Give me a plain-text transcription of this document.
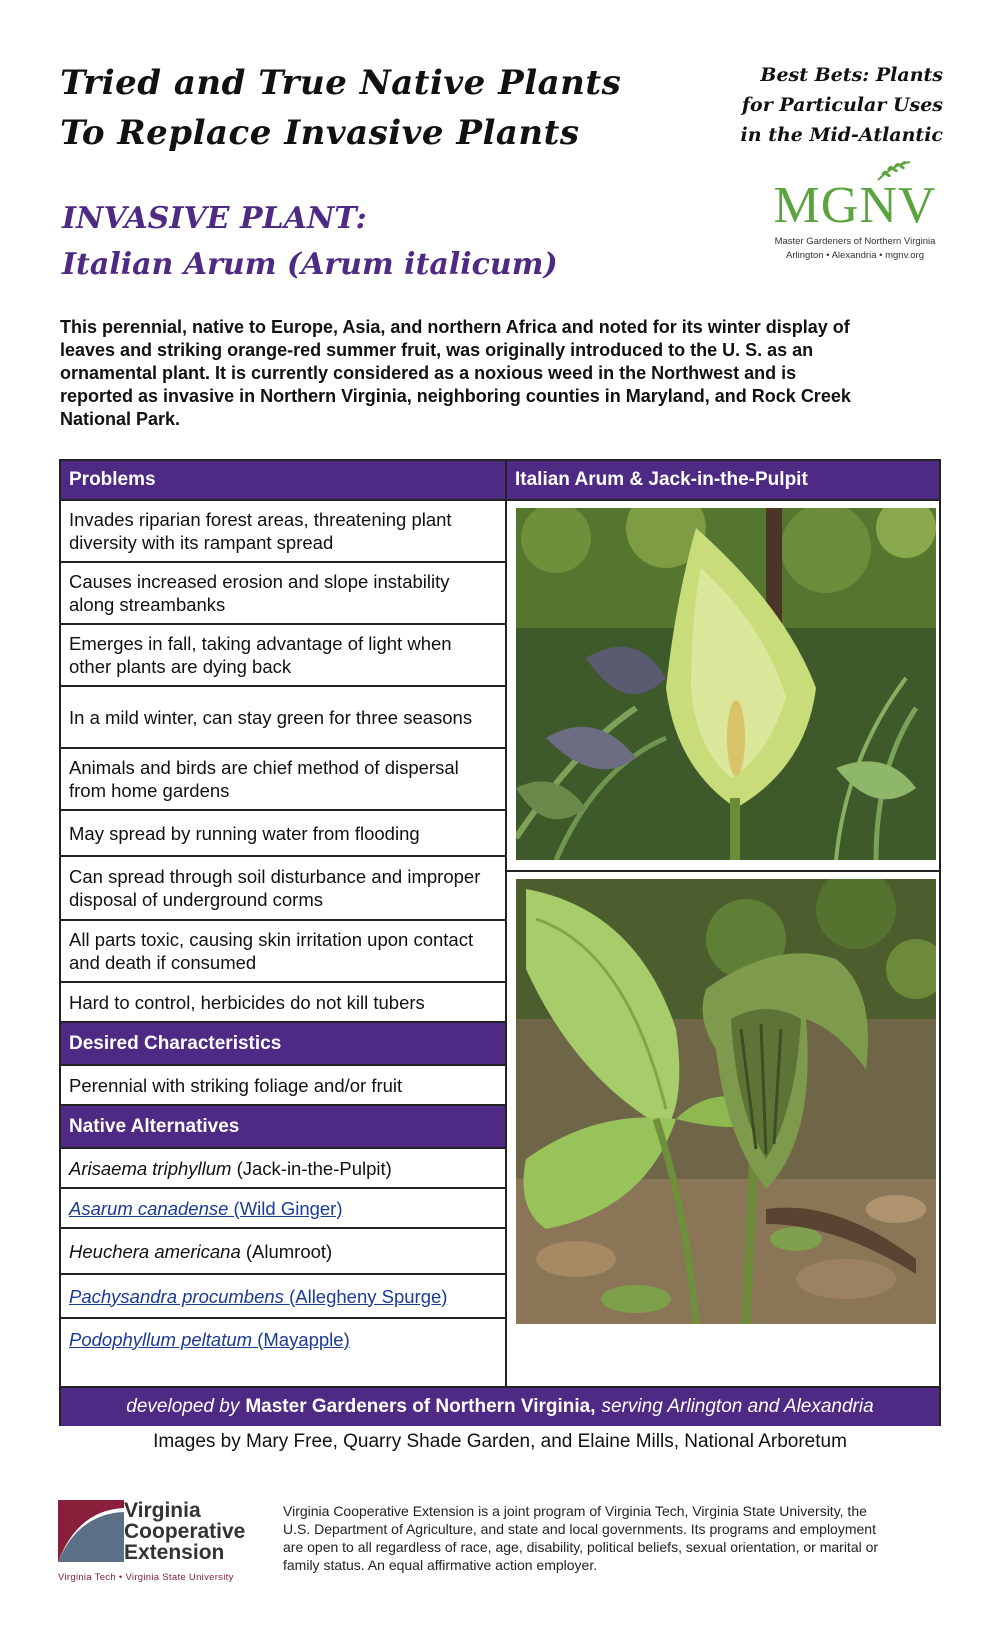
Tried and True Native Plants
To Replace Invasive Plants
Best Bets: Plants
for Particular Uses
in the Mid-Atlantic
MGNV
Master Gardeners of Northern Virginia
Arlington • Alexandria • mgnv.org
INVASIVE PLANT:
Italian Arum (Arum italicum)
This perennial, native to Europe, Asia, and northern Africa and noted for its winter display of leaves and striking orange-red summer fruit, was originally introduced to the U. S. as an ornamental plant. It is currently considered as a noxious weed in the Northwest and is reported as invasive in Northern Virginia, neighboring counties in Maryland, and Rock Creek National Park.
Problems
Invades riparian forest areas, threatening plant diversity with its rampant spread
Causes increased erosion and slope instability along streambanks
Emerges in fall, taking advantage of light when other plants are dying back
In a mild winter, can stay green for three seasons
Animals and birds are chief method of dispersal from home gardens
May spread by running water from flooding
Can spread through soil disturbance and improper disposal of underground corms
All parts toxic, causing skin irritation upon contact and death if consumed
Hard to control, herbicides do not kill tubers
Desired Characteristics
Perennial with striking foliage and/or fruit
Native Alternatives
Arisaema triphyllum (Jack-in-the-Pulpit)
Asarum canadense (Wild Ginger)
Heuchera americana (Alumroot)
Pachysandra procumbens (Allegheny Spurge)
Podophyllum peltatum (Mayapple)
Italian Arum & Jack-in-the-Pulpit
developed by Master Gardeners of Northern Virginia, serving Arlington and Alexandria
Images by Mary Free, Quarry Shade Garden, and Elaine Mills, National Arboretum
Virginia
Cooperative
Extension
Virginia Tech • Virginia State University
Virginia Cooperative Extension is a joint program of Virginia Tech, Virginia State University, the U.S. Department of Agriculture, and state and local governments. Its programs and employment are open to all regardless of race, age, disability, political beliefs, sexual orientation, or marital or family status. An equal affirmative action employer.
